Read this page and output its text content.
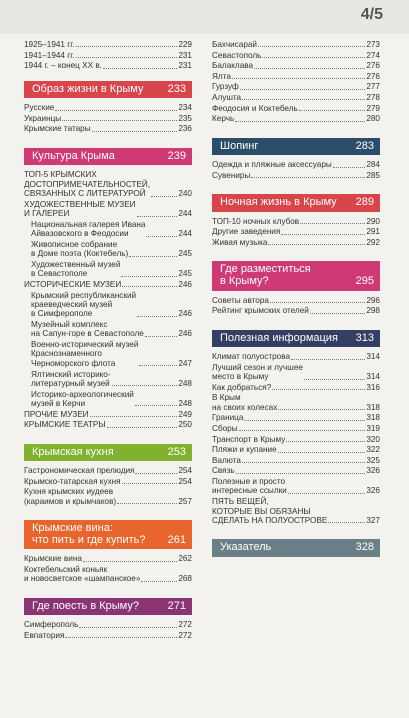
4/5
1925–1941 гг.	229
1941–1944 гг.	231
1944 г. – конец ХХ в.	231
Образ жизни в Крыму 233
Русские	234
Украинцы	235
Крымские татары	236
Культура Крыма	239
ТОП-5 КРЫМСКИХ
ДОСТОПРИМЕЧАТЕЛЬНОСТЕЙ,
СВЯЗАННЫХ С ЛИТЕРАТУРОЙ	240
ХУДОЖЕСТВЕННЫЕ МУЗЕИ
И ГАЛЕРЕИ	244
Национальная галерея Ивана
Айвазовского в Феодосии	244
Живописное собрание
в Доме поэта (Коктебель)	245
Художественный музей
в Севастополе	245
ИСТОРИЧЕСКИЕ МУЗЕИ	246
Крымский республиканский
краеведческий музей
в Симферополе	246
Музейный комплекс
на Сапун-горе в Севастополе	246
Военно-исторический музей
Краснознаменного
Черноморского флота	247
Ялтинский историко-
литературный музей	248
Историко-археологический
музей в Керчи	248
ПРОЧИЕ МУЗЕИ	249
КРЫМСКИЕ ТЕАТРЫ	250
Крымская кухня	253
Гастрономическая прелюдия	254
Крымско-татарская кухня	254
Кухня крымских иудеев
(караимов и крымчаков)	257
Крымские вина:
что пить и где купить? 261
Крымские вина	262
Коктебельский коньяк
и новосветское «шампанское»	268
Где поесть в Крыму?	271
Симферополь	272
Евпатория	272
Бахчисарай	273
Севастополь	274
Балаклава	276
Ялта	276
Гурзуф	277
Алушта	278
Феодосия и Коктебель	279
Керчь	280
Шопинг	283
Одежда и пляжные аксессуары	284
Сувениры	285
Ночная жизнь в Крыму 289
ТОП-10 ночных клубов	290
Другие заведения	291
Живая музыка	292
Где разместиться
в Крыму?	295
Советы автора	296
Рейтинг крымских отелей	298
Полезная информация 313
Климат полуострова	314
Лучший сезон и лучшее
место в Крыму	314
Как добраться?	316
В Крым
на своих колесах	318
Граница	318
Сборы	319
Транспорт в Крыму	320
Пляжи и купание	322
Валюта	325
Связь	326
Полезные и просто
интересные ссылки	326
ПЯТЬ ВЕЩЕЙ,
КОТОРЫЕ ВЫ ОБЯЗАНЫ
СДЕЛАТЬ НА ПОЛУОСТРОВЕ	327
Указатель	328
